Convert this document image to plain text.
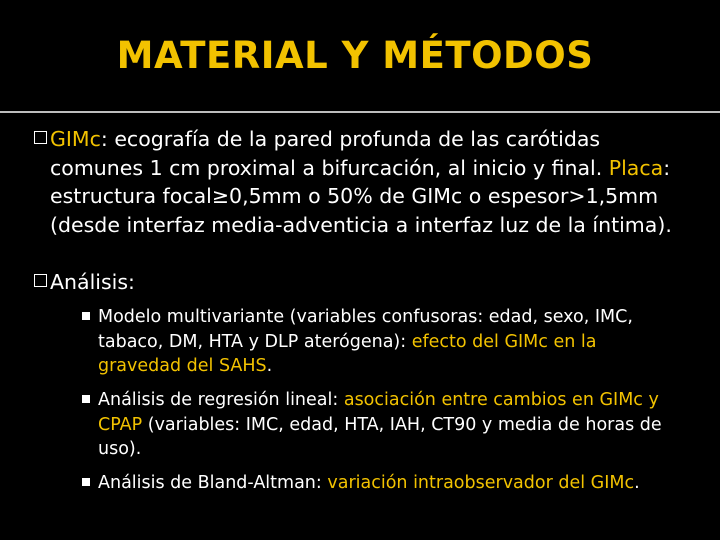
MATERIAL Y MÉTODOS
GIMc: ecografía de la pared profunda de las carótidas comunes 1 cm proximal a bifurcación, al inicio y final. Placa: estructura focal≥0,5mm o 50% de GIMc o espesor>1,5mm (desde interfaz media-adventicia a interfaz luz de la íntima).
Análisis:
Modelo multivariante (variables confusoras: edad, sexo, IMC, tabaco, DM, HTA y DLP aterógena): efecto del GIMc en la gravedad del SAHS.
Análisis de regresión lineal: asociación entre cambios en GIMc y CPAP (variables: IMC, edad, HTA, IAH, CT90 y media de horas de uso).
Análisis de Bland-Altman: variación intraobservador del GIMc.
